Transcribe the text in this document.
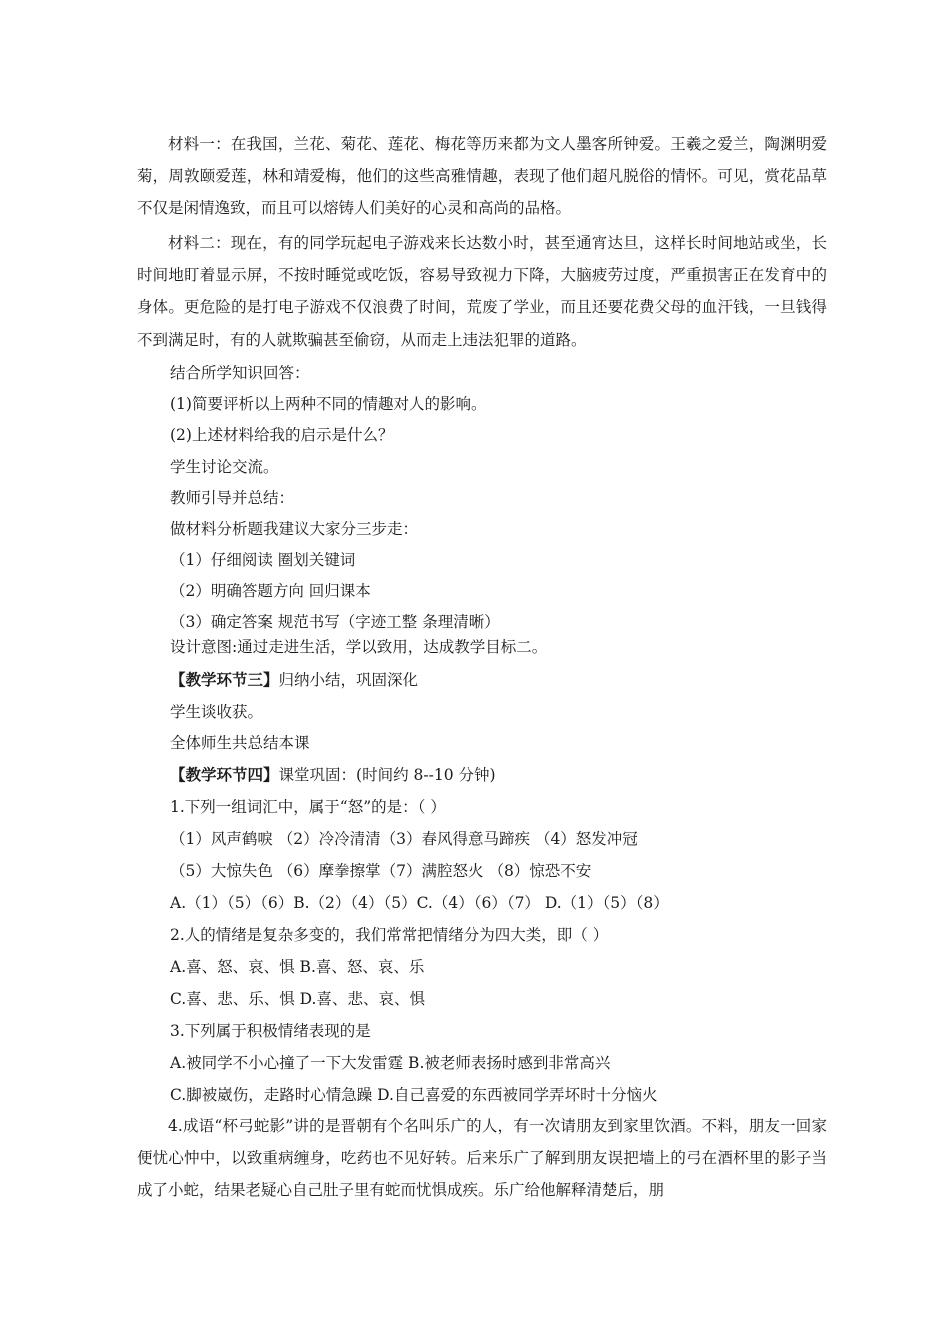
材料一：在我国，兰花、菊花、莲花、梅花等历来都为文人墨客所钟爱。王羲之爱兰，陶渊明爱菊，周敦颐爱莲，林和靖爱梅，他们的这些高雅情趣，表现了他们超凡脱俗的情怀。可见，赏花品草不仅是闲情逸致，而且可以熔铸人们美好的心灵和高尚的品格。

材料二：现在，有的同学玩起电子游戏来长达数小时，甚至通宵达旦，这样长时间地站或坐，长时间地盯着显示屏，不按时睡觉或吃饭，容易导致视力下降，大脑疲劳过度，严重损害正在发育中的身体。更危险的是打电子游戏不仅浪费了时间，荒废了学业，而且还要花费父母的血汗钱，一旦钱得不到满足时，有的人就欺骗甚至偷窃，从而走上违法犯罪的道路。

结合所学知识回答：

(1)简要评析以上两种不同的情趣对人的影响。

(2)上述材料给我的启示是什么？

学生讨论交流。

教师引导并总结：

做材料分析题我建议大家分三步走：

（1）仔细阅读 圈划关键词

（2）明确答题方向 回归课本

（3）确定答案 规范书写（字迹工整 条理清晰）

设计意图:通过走进生活，学以致用，达成教学目标二。

【教学环节三】归纳小结，巩固深化

学生谈收获。

全体师生共总结本课

【教学环节四】课堂巩固：(时间约 8--10 分钟)

1.下列一组词汇中，属于“怒”的是：（ ）

（1）风声鹤唳 （2）冷冷清清（3）春风得意马蹄疾 （4）怒发冲冠

（5）大惊失色 （6）摩拳擦掌（7）满腔怒火 （8）惊恐不安

A.（1）（5）（6）B.（2）（4）（5）C.（4）（6）（7） D.（1）（5）（8）

2.人的情绪是复杂多变的，我们常常把情绪分为四大类，即（ ）

A.喜、怒、哀、惧 B.喜、怒、哀、乐

C.喜、悲、乐、惧 D.喜、悲、哀、惧

3.下列属于积极情绪表现的是

A.被同学不小心撞了一下大发雷霆 B.被老师表扬时感到非常高兴

C.脚被崴伤，走路时心情急躁 D.自己喜爱的东西被同学弄坏时十分恼火

4.成语“杯弓蛇影”讲的是晋朝有个名叫乐广的人，有一次请朋友到家里饮酒。不料，朋友一回家便忧心忡中，以致重病缠身，吃药也不见好转。后来乐广了解到朋友误把墙上的弓在酒杯里的影子当成了小蛇，结果老疑心自己肚子里有蛇而忧惧成疾。乐广给他解释清楚后，朋
